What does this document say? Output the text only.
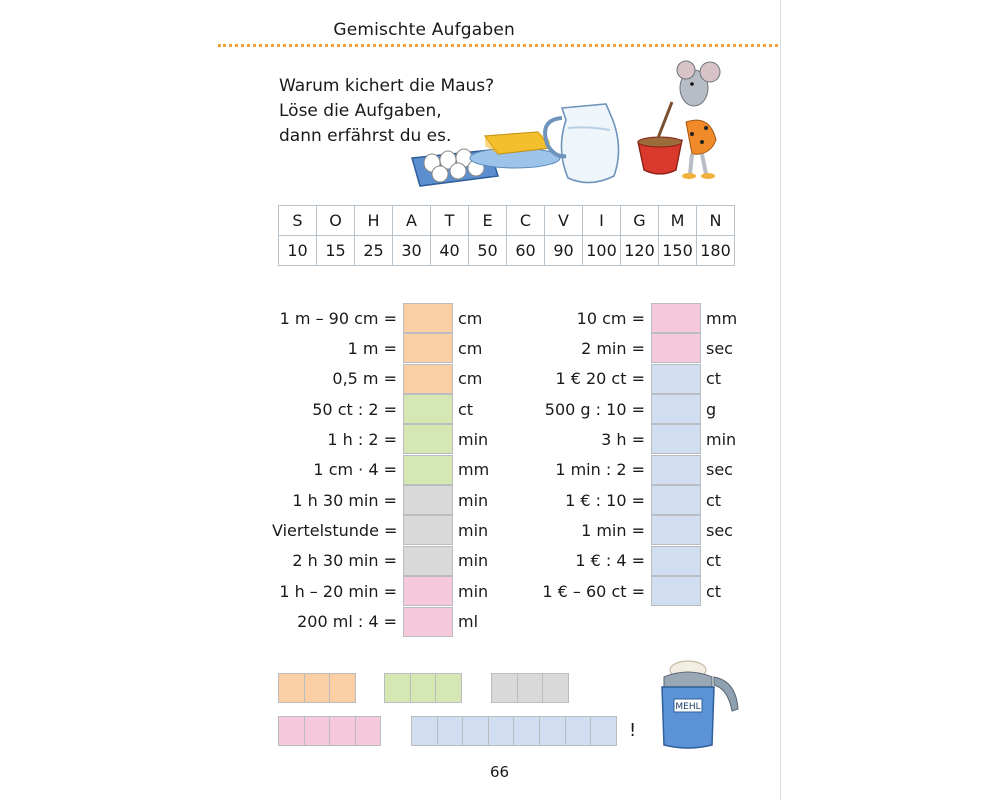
Gemischte Aufgaben
Warum kichert die Maus?
Löse die Aufgaben,
dann erfährst du es.
S	O	H	A	T	E	C	V	I	G	M	N
10	15	25	30	40	50	60	90	100	120	150	180
1 m – 90 cm =	cm
1 m =	cm
0,5 m =	cm
50 ct : 2 =	ct
1 h : 2 =	min
1 cm · 4 =	mm
1 h 30 min =	min
Viertelstunde =	min
2 h 30 min =	min
1 h – 20 min =	min
200 ml : 4 =	ml
10 cm =	mm
2 min =	sec
1 € 20 ct =	ct
500 g : 10 =	g
3 h =	min
1 min : 2 =	sec
1 € : 10 =	ct
1 min =	sec
1 € : 4 =	ct
1 € – 60 ct =	ct
!
MEHL
66
